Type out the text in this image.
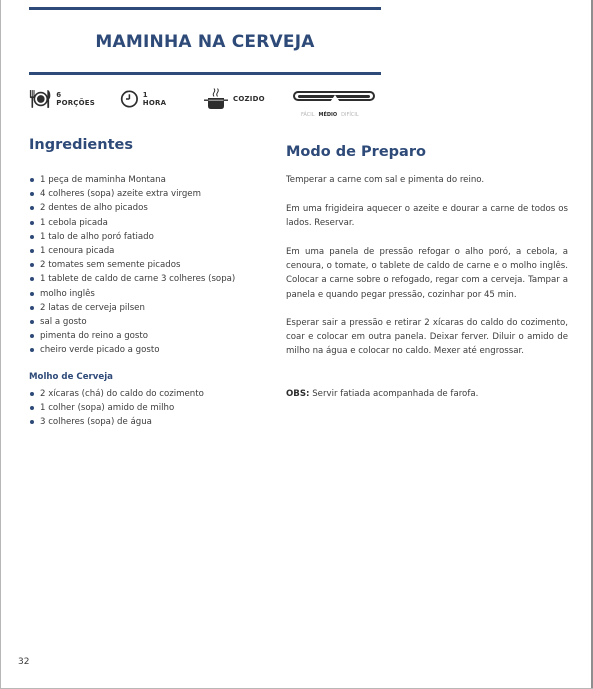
MAMINHA NA CERVEJA
6 PORÇÕES
1 HORA	COZIDO
FÁCIL MÉDIO DIFÍCIL
Ingredientes
1 peça de maminha Montana
4 colheres (sopa) azeite extra virgem
2 dentes de alho picados
1 cebola picada
1 talo de alho poró fatiado
1 cenoura picada
2 tomates sem semente picados
1 tablete de caldo de carne 3 colheres (sopa)
molho inglês
2 latas de cerveja pilsen
sal a gosto
pimenta do reino a gosto
cheiro verde picado a gosto
Molho de Cerveja
2 xícaras (chá) do caldo do cozimento
1 colher (sopa) amido de milho
3 colheres (sopa) de água
Modo de Preparo

Temperar a carne com sal e pimenta do reino.

Em uma frigideira aquecer o azeite e dourar a carne de todos os lados. Reservar.

Em uma panela de pressão refogar o alho poró, a cebola, a cenoura, o tomate, o tablete de caldo de carne e o molho inglês. Colocar a carne sobre o refogado, regar com a cerveja. Tampar a panela e quando pegar pressão, cozinhar por 45 min.

Esperar sair a pressão e retirar 2 xícaras do caldo do cozimento, coar e colocar em outra panela. Deixar ferver. Diluir o amido de milho na água e colocar no caldo. Mexer até engrossar.

OBS: Servir fatiada acompanhada de farofa.

32
